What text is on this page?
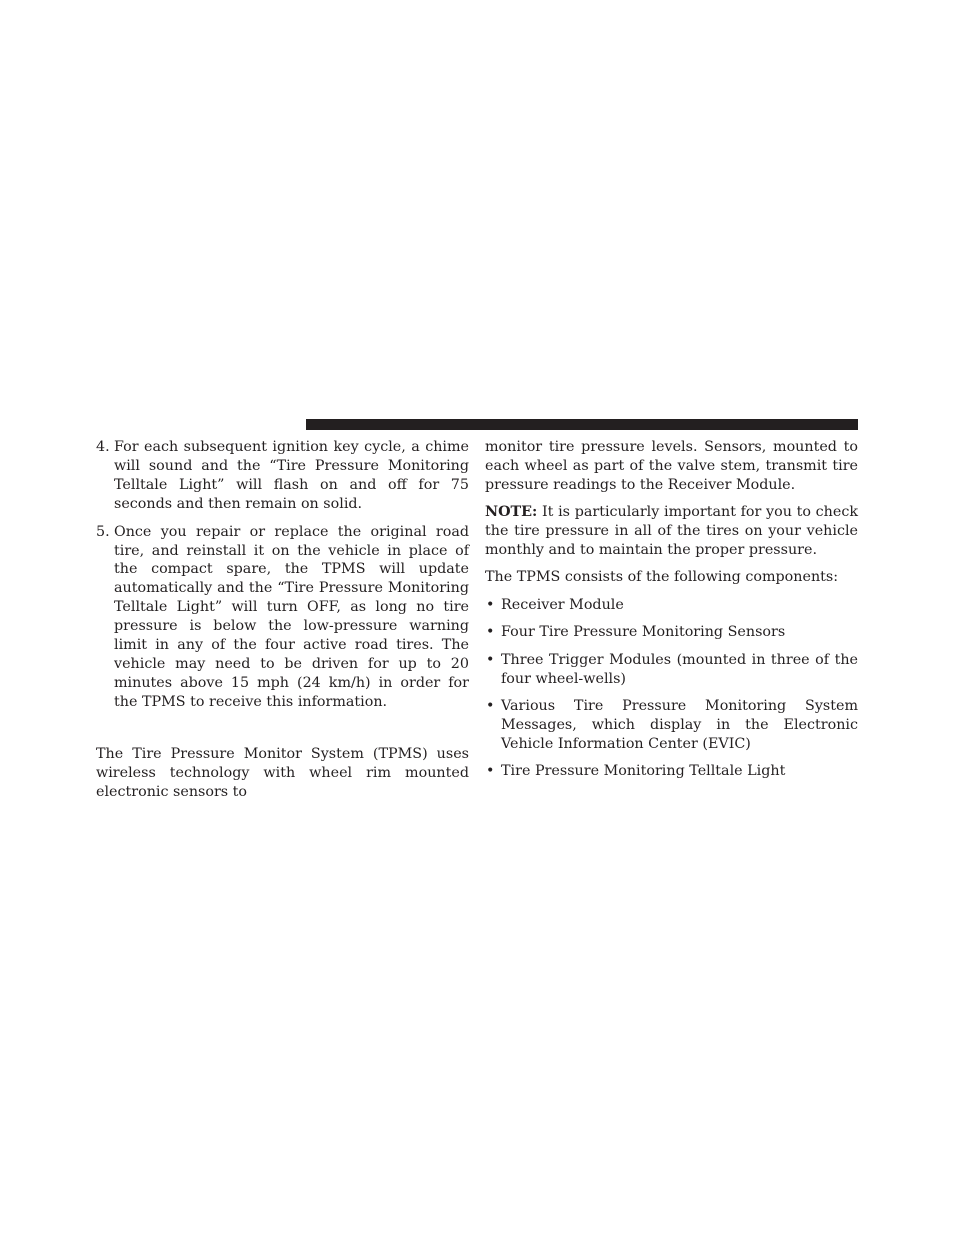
4. For each subsequent ignition key cycle, a chime will sound and the “Tire Pressure Monitoring Telltale Light” will flash on and off for 75 seconds and then remain on solid.
5. Once you repair or replace the original road tire, and reinstall it on the vehicle in place of the compact spare, the TPMS will update automatically and the “Tire Pressure Monitoring Telltale Light” will turn OFF, as long no tire pressure is below the low-pressure warning limit in any of the four active road tires. The vehicle may need to be driven for up to 20 minutes above 15 mph (24 km/h) in order for the TPMS to receive this information.

The Tire Pressure Monitor System (TPMS) uses wireless technology with wheel rim mounted electronic sensors to

monitor tire pressure levels. Sensors, mounted to each wheel as part of the valve stem, transmit tire pressure readings to the Receiver Module.

NOTE: It is particularly important for you to check the tire pressure in all of the tires on your vehicle monthly and to maintain the proper pressure.

The TPMS consists of the following components:

• Receiver Module
• Four Tire Pressure Monitoring Sensors
• Three Trigger Modules (mounted in three of the four wheel-wells)
• Various Tire Pressure Monitoring System Messages, which display in the Electronic Vehicle Information Center (EVIC)
• Tire Pressure Monitoring Telltale Light
